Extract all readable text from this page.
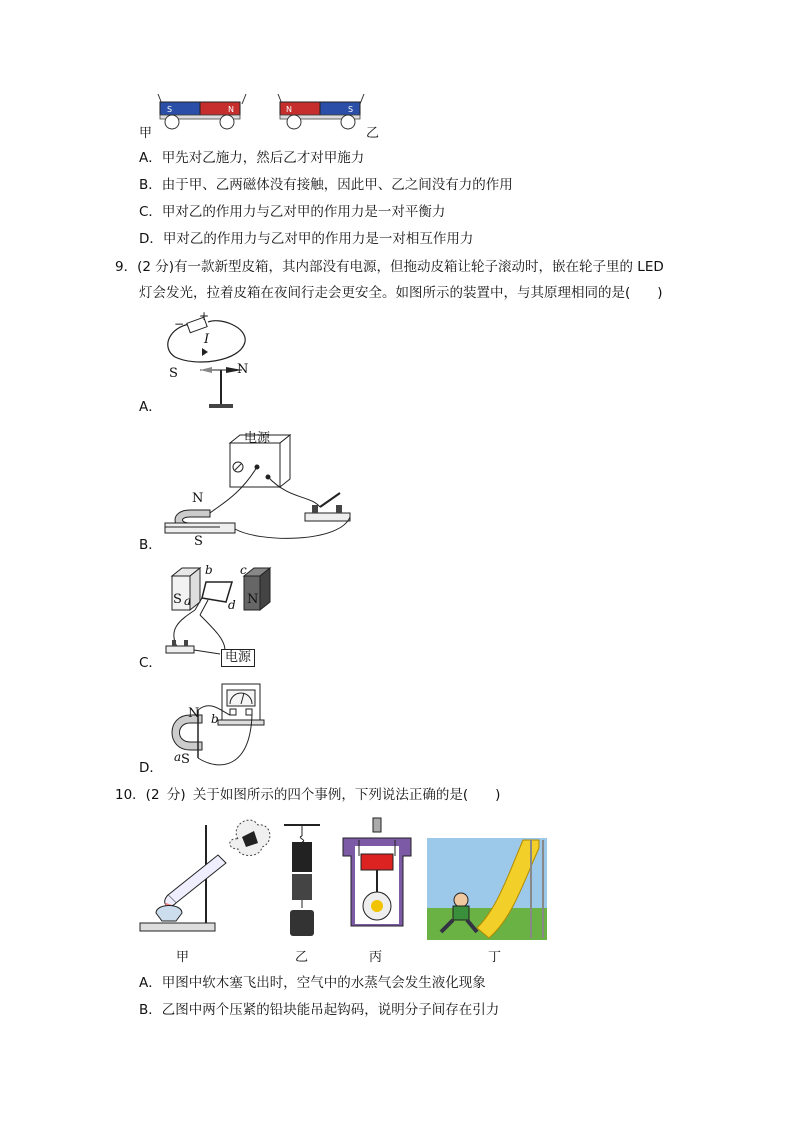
S	N	N	S
甲	乙
A．甲先对乙施力，然后乙才对甲施力
B．由于甲、乙两磁体没有接触，因此甲、乙之间没有力的作用
C．甲对乙的作用力与乙对甲的作用力是一对平衡力
D．甲对乙的作用力与乙对甲的作用力是一对相互作用力
9．(2 分)有一款新型皮箱，其内部没有电源，但拖动皮箱让轮子滚动时，嵌在轮子里的 LED
灯会发光，拉着皮箱在夜间行走会更安全。如图所示的装置中，与其原理相同的是(　　)
−
+
I
S	N
A．
电源
N
S
B．
S	N
a
b c
d
电源
C．
N
S
a
b
D．
10．(2 分) 关于如图所示的四个事例，下列说法正确的是(　　)
甲	乙	丙	丁
A．甲图中软木塞飞出时，空气中的水蒸气会发生液化现象
B．乙图中两个压紧的铅块能吊起钩码，说明分子间存在引力
